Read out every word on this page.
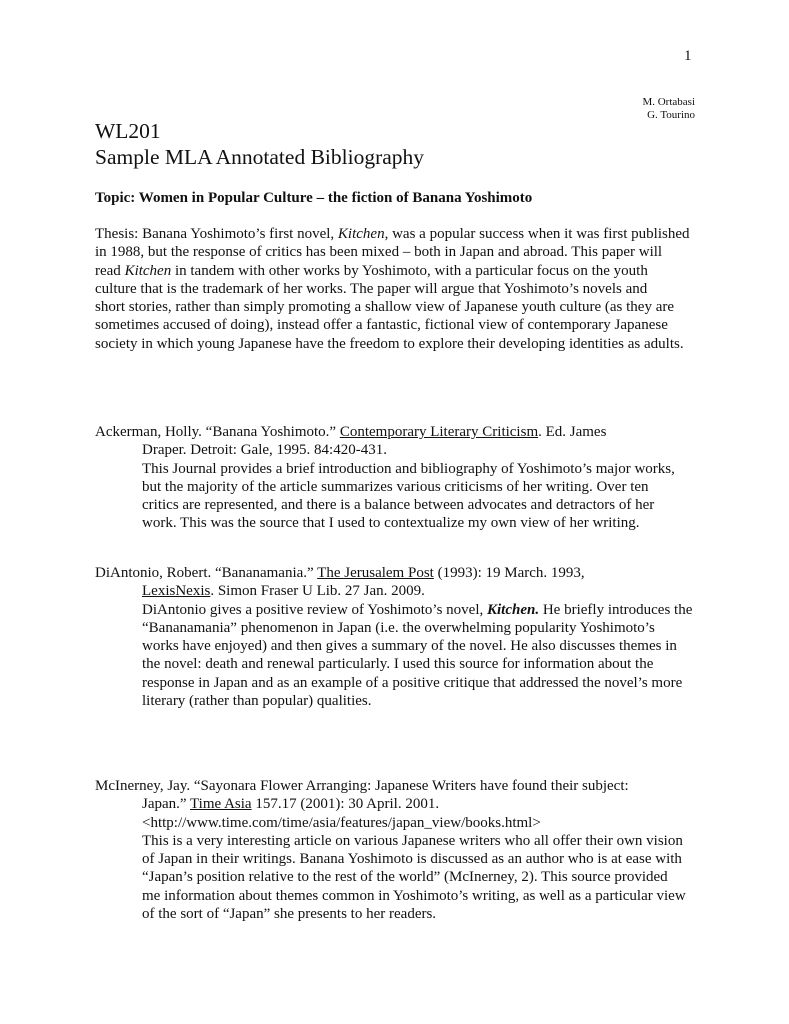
1
M. Ortabasi
G. Tourino
WL201
Sample MLA Annotated Bibliography
Topic: Women in Popular Culture – the fiction of Banana Yoshimoto
Thesis: Banana Yoshimoto’s first novel, Kitchen, was a popular success when it was first published
in 1988, but the response of critics has been mixed – both in Japan and abroad. This paper will
read Kitchen in tandem with other works by Yoshimoto, with a particular focus on the youth
culture that is the trademark of her works. The paper will argue that Yoshimoto’s novels and
short stories, rather than simply promoting a shallow view of Japanese youth culture (as they are
sometimes accused of doing), instead offer a fantastic, fictional view of contemporary Japanese
society in which young Japanese have the freedom to explore their developing identities as adults.
Ackerman, Holly. “Banana Yoshimoto.” Contemporary Literary Criticism. Ed. James
Draper. Detroit: Gale, 1995. 84:420-431.
This Journal provides a brief introduction and bibliography of Yoshimoto’s major works,
but the majority of the article summarizes various criticisms of her writing. Over ten
critics are represented, and there is a balance between advocates and detractors of her
work. This was the source that I used to contextualize my own view of her writing.
DiAntonio, Robert. “Bananamania.” The Jerusalem Post (1993): 19 March. 1993,
LexisNexis. Simon Fraser U Lib. 27 Jan. 2009.
DiAntonio gives a positive review of Yoshimoto’s novel, Kitchen. He briefly introduces the
“Bananamania” phenomenon in Japan (i.e. the overwhelming popularity Yoshimoto’s
works have enjoyed) and then gives a summary of the novel. He also discusses themes in
the novel: death and renewal particularly. I used this source for information about the
response in Japan and as an example of a positive critique that addressed the novel’s more
literary (rather than popular) qualities.
McInerney, Jay. “Sayonara Flower Arranging: Japanese Writers have found their subject:
Japan.” Time Asia 157.17 (2001): 30 April. 2001.
<http://www.time.com/time/asia/features/japan_view/books.html>
This is a very interesting article on various Japanese writers who all offer their own vision
of Japan in their writings. Banana Yoshimoto is discussed as an author who is at ease with
“Japan’s position relative to the rest of the world” (McInerney, 2). This source provided
me information about themes common in Yoshimoto’s writing, as well as a particular view
of the sort of “Japan” she presents to her readers.
